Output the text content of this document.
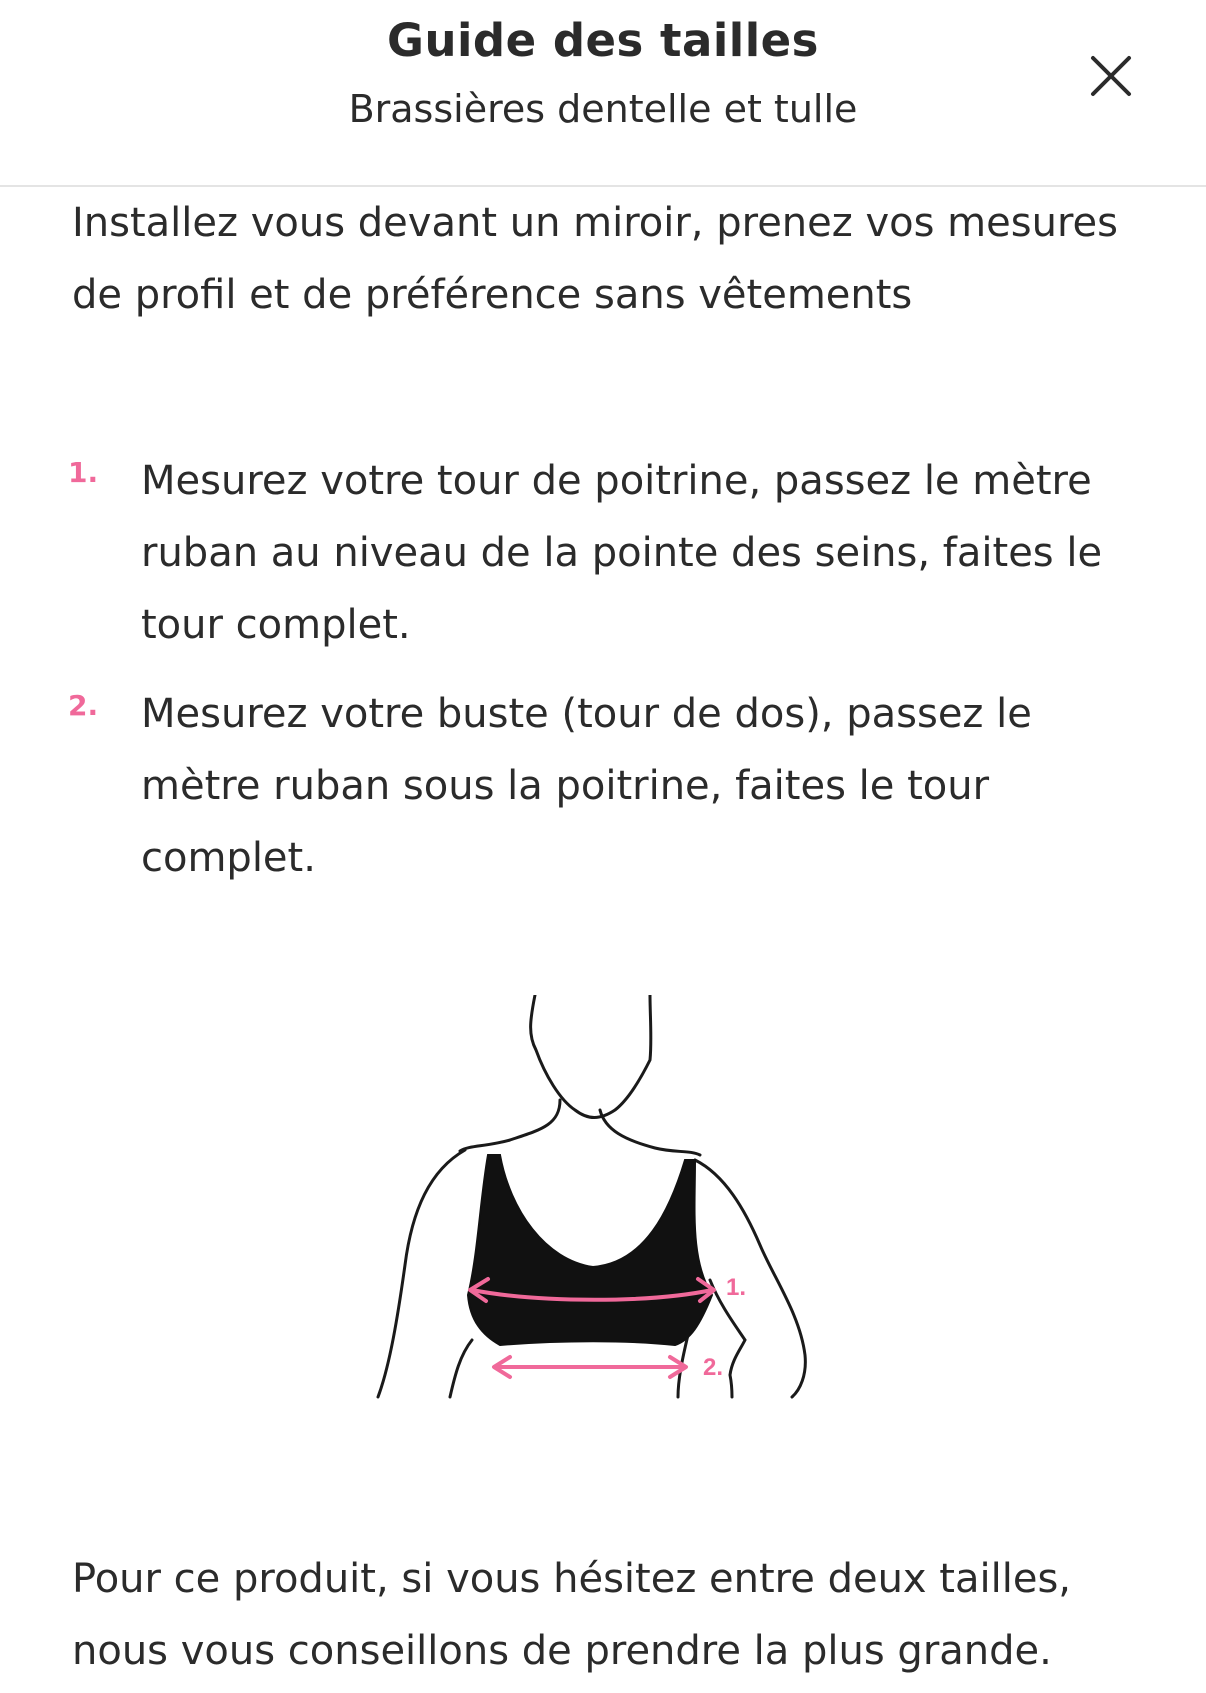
Guide des tailles
Brassières dentelle et tulle

Installez vous devant un miroir, prenez vos mesures de profil et de préférence sans vêtements

1. Mesurez votre tour de poitrine, passez le mètre ruban au niveau de la pointe des seins, faites le tour complet.
2. Mesurez votre buste (tour de dos), passez le mètre ruban sous la poitrine, faites le tour complet.
1.
2.

Pour ce produit, si vous hésitez entre deux tailles, nous vous conseillons de prendre la plus grande.
